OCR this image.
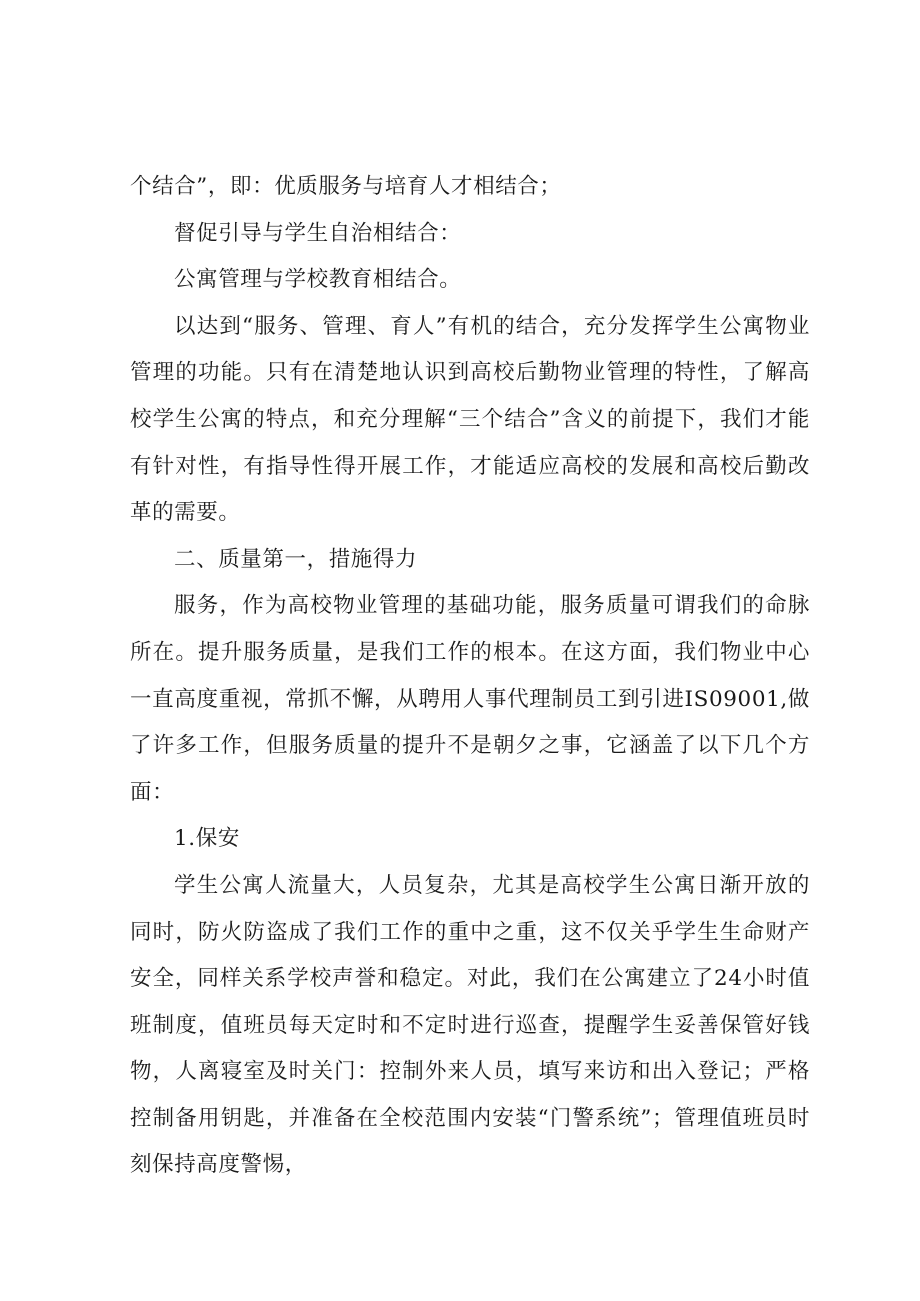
个结合”，即：优质服务与培育人才相结合；

督促引导与学生自治相结合：

公寓管理与学校教育相结合。

以达到“服务、管理、育人”有机的结合，充分发挥学生公寓物业管理的功能。只有在清楚地认识到高校后勤物业管理的特性，了解高校学生公寓的特点，和充分理解“三个结合”含义的前提下，我们才能有针对性，有指导性得开展工作，才能适应高校的发展和高校后勤改革的需要。

二、质量第一，措施得力

服务，作为高校物业管理的基础功能，服务质量可谓我们的命脉所在。提升服务质量，是我们工作的根本。在这方面，我们物业中心一直高度重视，常抓不懈，从聘用人事代理制员工到引进IS09001,做了许多工作，但服务质量的提升不是朝夕之事，它涵盖了以下几个方面：

1.保安

学生公寓人流量大，人员复杂，尤其是高校学生公寓日渐开放的同时，防火防盗成了我们工作的重中之重，这不仅关乎学生生命财产安全，同样关系学校声誉和稳定。对此，我们在公寓建立了24小时值班制度，值班员每天定时和不定时进行巡查，提醒学生妥善保管好钱物，人离寝室及时关门：控制外来人员，填写来访和出入登记；严格控制备用钥匙，并准备在全校范围内安装“门警系统”；管理值班员时刻保持高度警惕，
